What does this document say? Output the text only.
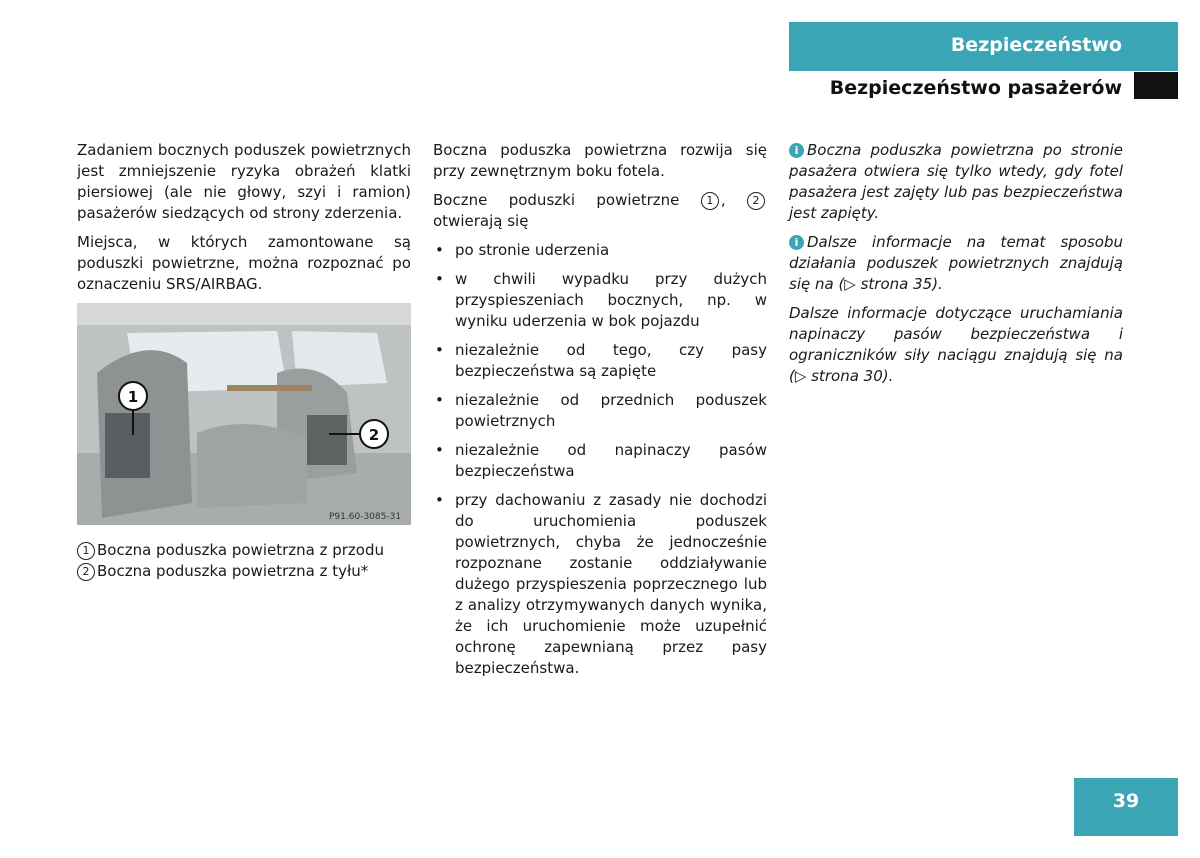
Bezpieczeństwo
Bezpieczeństwo pasażerów

Zadaniem bocznych poduszek powietrznych jest zmniejszenie ryzyka obrażeń klatki piersiowej (ale nie głowy, szyi i ramion) pasażerów siedzących od strony zderzenia.

Miejsca, w których zamontowane są poduszki powietrzne, można rozpoznać po oznaczeniu SRS/AIRBAG.

P91.60-3085-31
1
2
1 Boczna poduszka powietrzna z przodu
2 Boczna poduszka powietrzna z tyłu*

Boczna poduszka powietrzna rozwija się przy zewnętrznym boku fotela.

Boczne poduszki powietrzne 1 , 2 otwierają się

• po stronie uderzenia
• w chwili wypadku przy dużych przyspieszeniach bocznych, np. w wyniku uderzenia w bok pojazdu
• niezależnie od tego, czy pasy bezpieczeństwa są zapięte
• niezależnie od przednich poduszek powietrznych
• niezależnie od napinaczy pasów bezpieczeństwa
• przy dachowaniu z zasady nie dochodzi do uruchomienia poduszek powietrznych, chyba że jednocześnie rozpoznane zostanie oddziaływanie dużego przyspieszenia poprzecznego lub z analizy otrzymywanych danych wynika, że ich uruchomienie może uzupełnić ochronę zapewnianą przez pasy bezpieczeństwa.

i Boczna poduszka powietrzna po stronie pasażera otwiera się tylko wtedy, gdy fotel pasażera jest zajęty lub pas bezpieczeństwa jest zapięty.

i Dalsze informacje na temat sposobu działania poduszek powietrznych znajdują się na (▷ strona 35).

Dalsze informacje dotyczące uruchamiania napinaczy pasów bezpieczeństwa i ograniczników siły naciągu znajdują się na (▷ strona 30).

39
